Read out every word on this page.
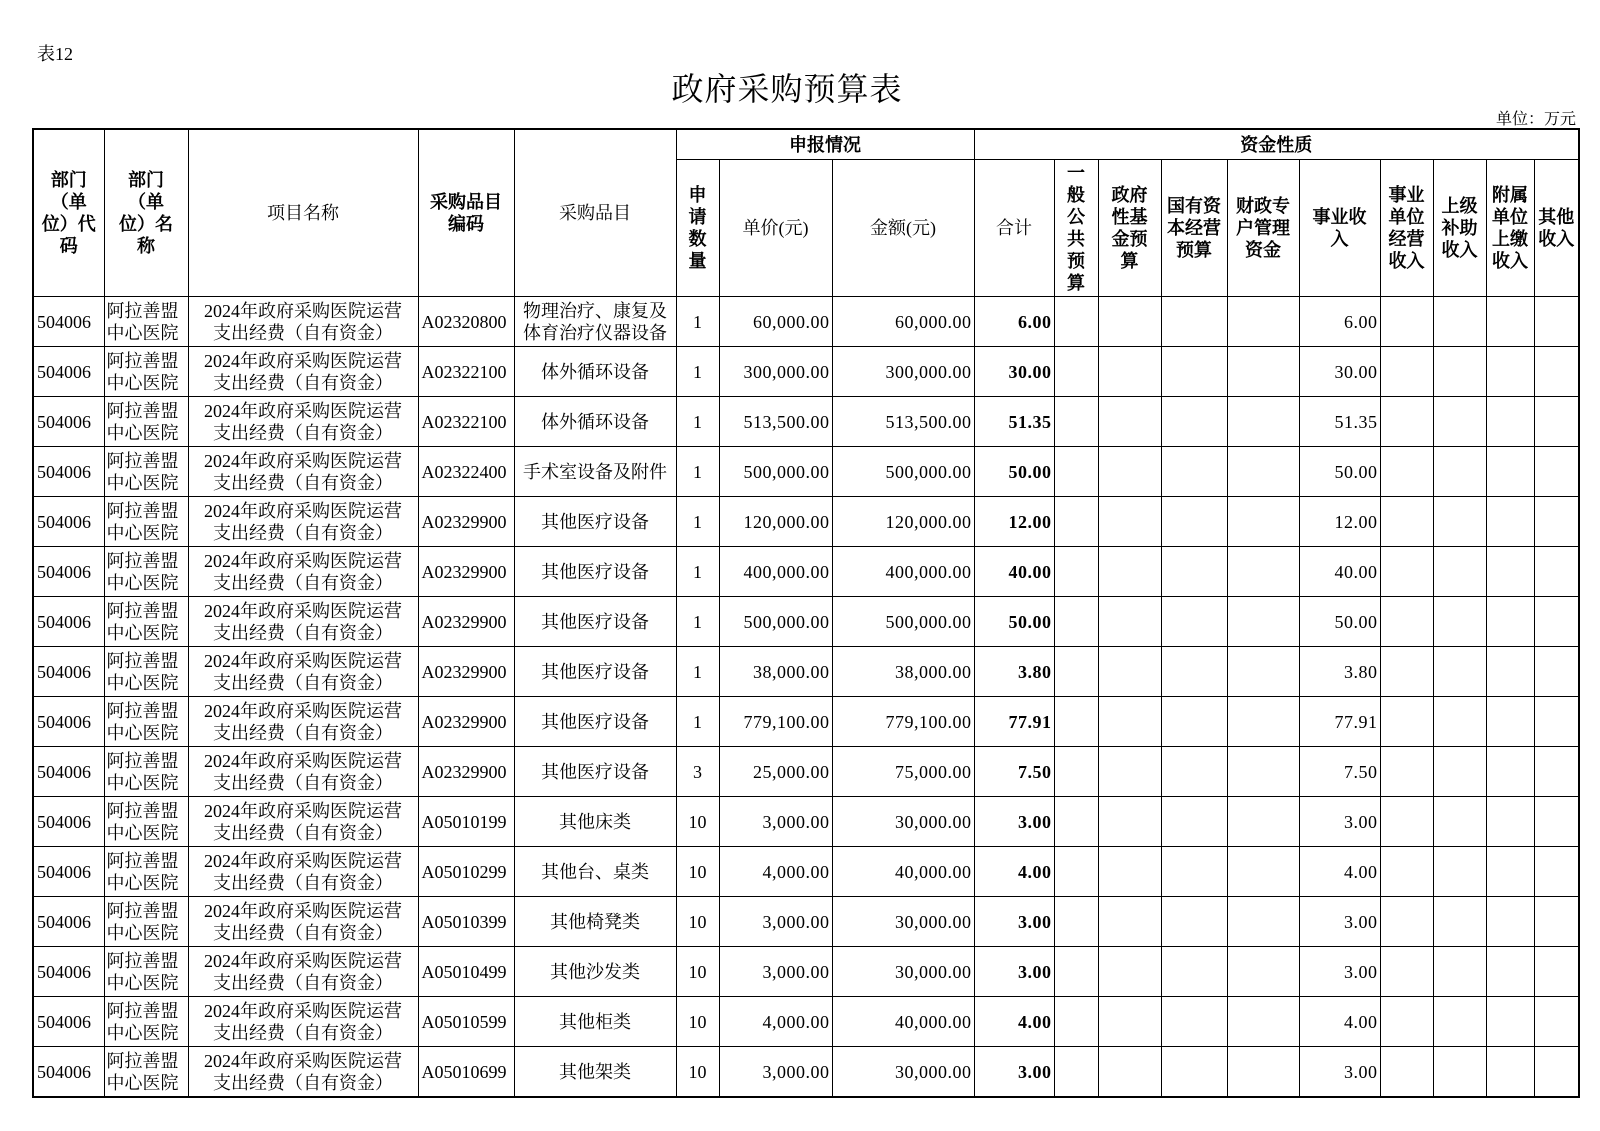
表12
政府采购预算表
单位：万元
部门（单位）代码	部门（单位）名称	项目名称	采购品目编码	采购品目	申报情况			资金性质									
					申请数量	单价(元)	金额(元)	合计	一般公共预算	政府性基金预算	国有资本经营预算	财政专户管理资金	事业收入	事业单位经营收入	上级补助收入	附属单位上缴收入	其他收入
504006	阿拉善盟中心医院	2024年政府采购医院运营支出经费（自有资金）	A02320800	物理治疗、康复及体育治疗仪器设备	1	60,000.00	60,000.00	6.00					6.00				
504006	阿拉善盟中心医院	2024年政府采购医院运营支出经费（自有资金）	A02322100	体外循环设备	1	300,000.00	300,000.00	30.00					30.00				
504006	阿拉善盟中心医院	2024年政府采购医院运营支出经费（自有资金）	A02322100	体外循环设备	1	513,500.00	513,500.00	51.35					51.35				
504006	阿拉善盟中心医院	2024年政府采购医院运营支出经费（自有资金）	A02322400	手术室设备及附件	1	500,000.00	500,000.00	50.00					50.00				
504006	阿拉善盟中心医院	2024年政府采购医院运营支出经费（自有资金）	A02329900	其他医疗设备	1	120,000.00	120,000.00	12.00					12.00				
504006	阿拉善盟中心医院	2024年政府采购医院运营支出经费（自有资金）	A02329900	其他医疗设备	1	400,000.00	400,000.00	40.00					40.00				
504006	阿拉善盟中心医院	2024年政府采购医院运营支出经费（自有资金）	A02329900	其他医疗设备	1	500,000.00	500,000.00	50.00					50.00				
504006	阿拉善盟中心医院	2024年政府采购医院运营支出经费（自有资金）	A02329900	其他医疗设备	1	38,000.00	38,000.00	3.80					3.80				
504006	阿拉善盟中心医院	2024年政府采购医院运营支出经费（自有资金）	A02329900	其他医疗设备	1	779,100.00	779,100.00	77.91					77.91				
504006	阿拉善盟中心医院	2024年政府采购医院运营支出经费（自有资金）	A02329900	其他医疗设备	3	25,000.00	75,000.00	7.50					7.50				
504006	阿拉善盟中心医院	2024年政府采购医院运营支出经费（自有资金）	A05010199	其他床类	10	3,000.00	30,000.00	3.00					3.00				
504006	阿拉善盟中心医院	2024年政府采购医院运营支出经费（自有资金）	A05010299	其他台、桌类	10	4,000.00	40,000.00	4.00					4.00				
504006	阿拉善盟中心医院	2024年政府采购医院运营支出经费（自有资金）	A05010399	其他椅凳类	10	3,000.00	30,000.00	3.00					3.00				
504006	阿拉善盟中心医院	2024年政府采购医院运营支出经费（自有资金）	A05010499	其他沙发类	10	3,000.00	30,000.00	3.00					3.00				
504006	阿拉善盟中心医院	2024年政府采购医院运营支出经费（自有资金）	A05010599	其他柜类	10	4,000.00	40,000.00	4.00					4.00				
504006	阿拉善盟中心医院	2024年政府采购医院运营支出经费（自有资金）	A05010699	其他架类	10	3,000.00	30,000.00	3.00					3.00				
